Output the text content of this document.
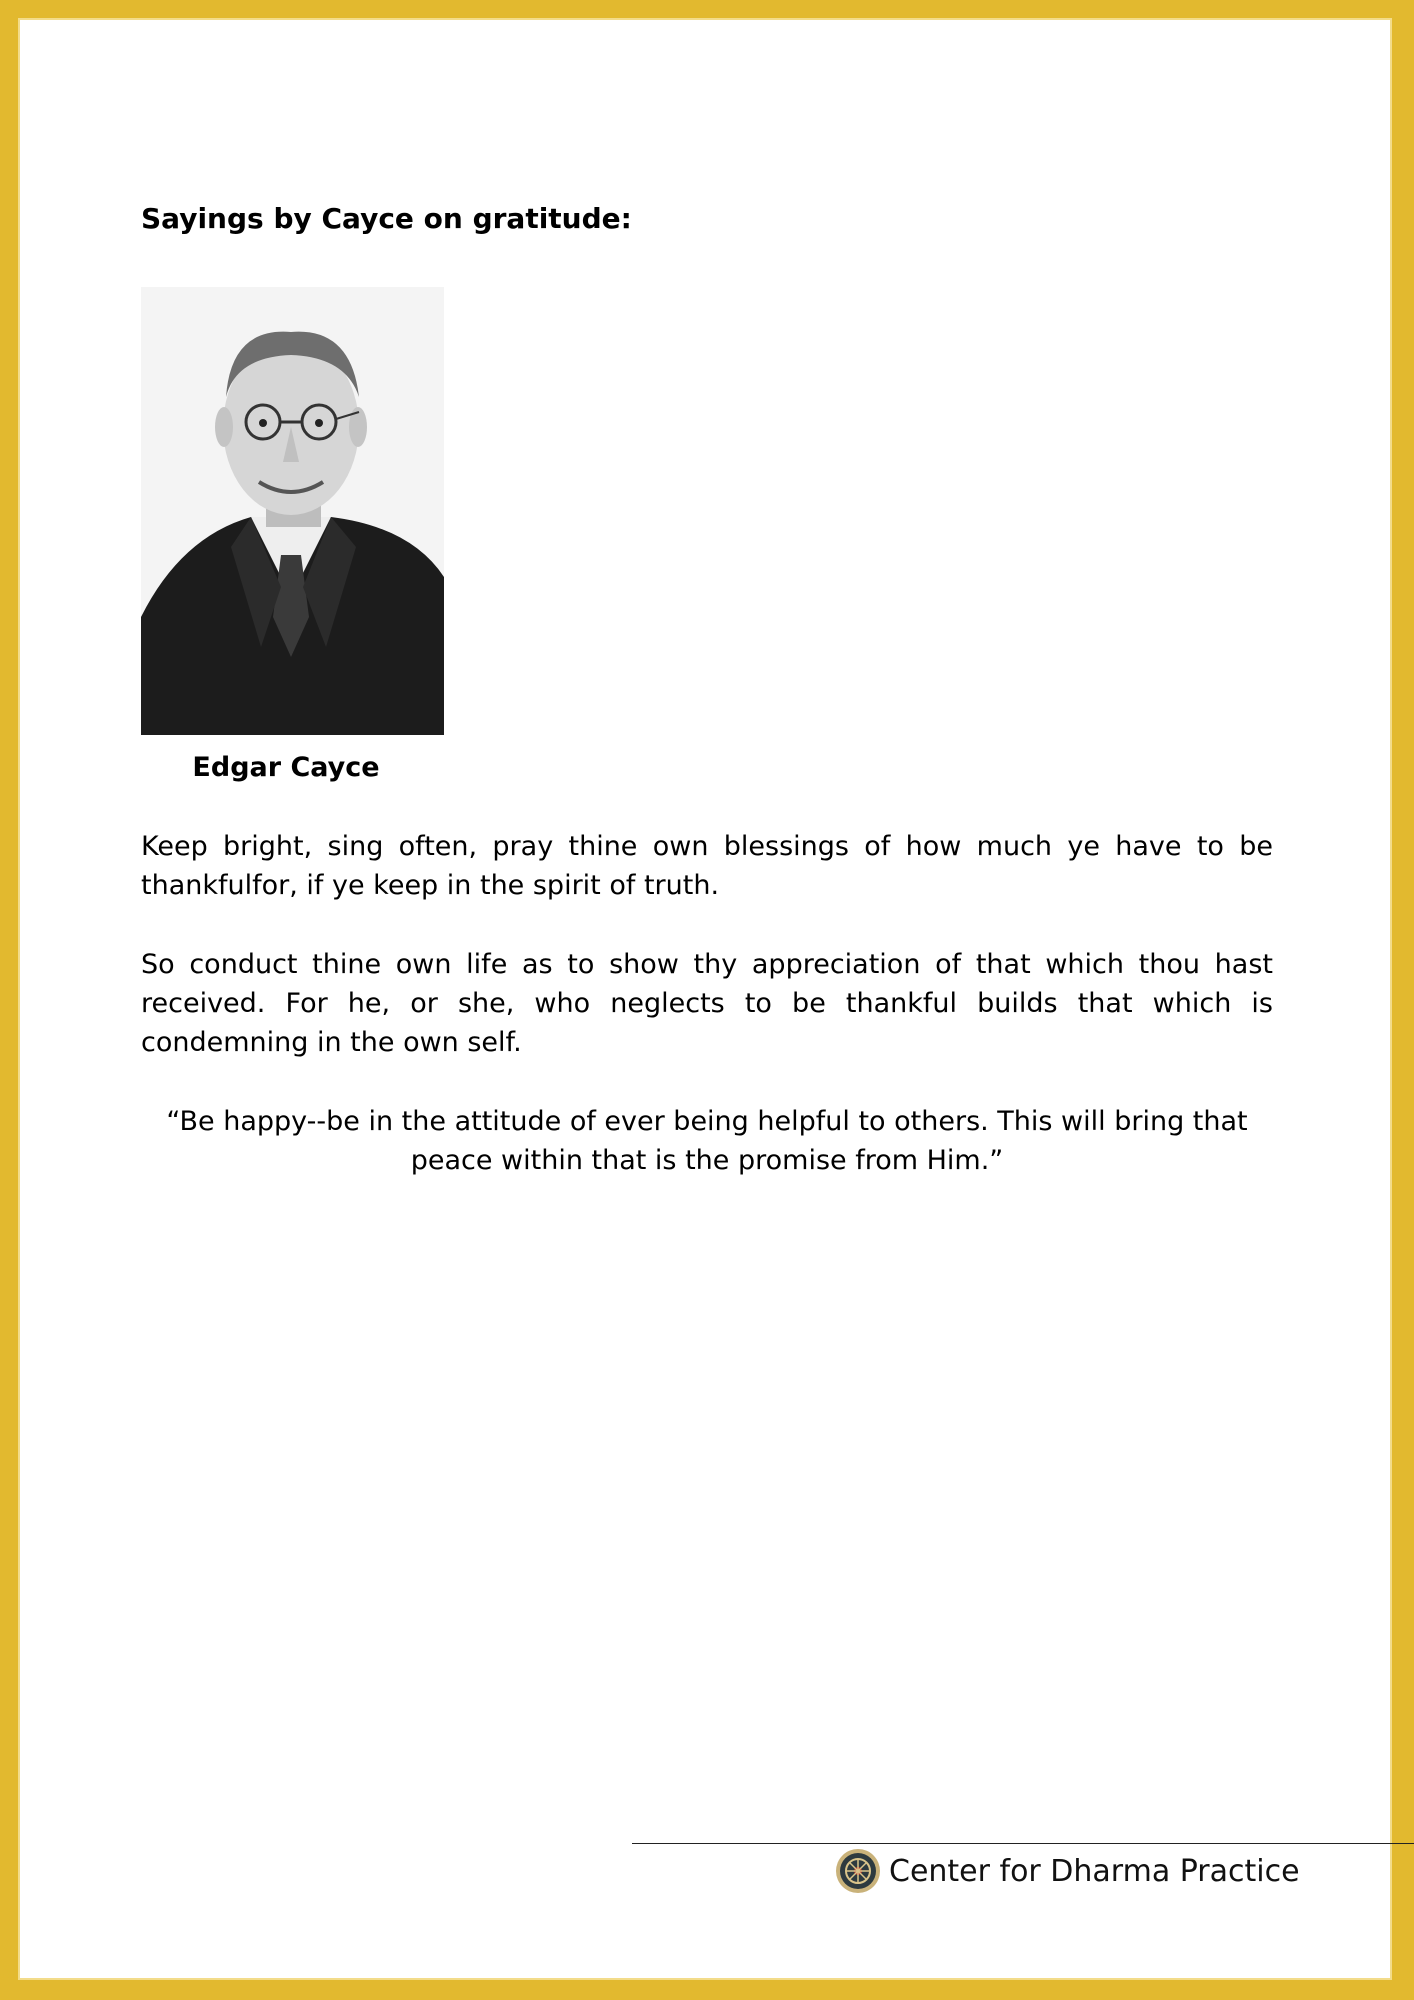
Sayings by Cayce on gratitude:
Edgar Cayce

Keep bright, sing often, pray thine own blessings of how much ye have to be thankfulfor, if ye keep in the spirit of truth.

So conduct thine own life as to show thy appreciation of that which thou hast received. For he, or she, who neglects to be thankful builds that which is condemning in the own self.

“Be happy--be in the attitude of ever being helpful to others. This will bring that peace within that is the promise from Him.”

Center for Dharma Practice
